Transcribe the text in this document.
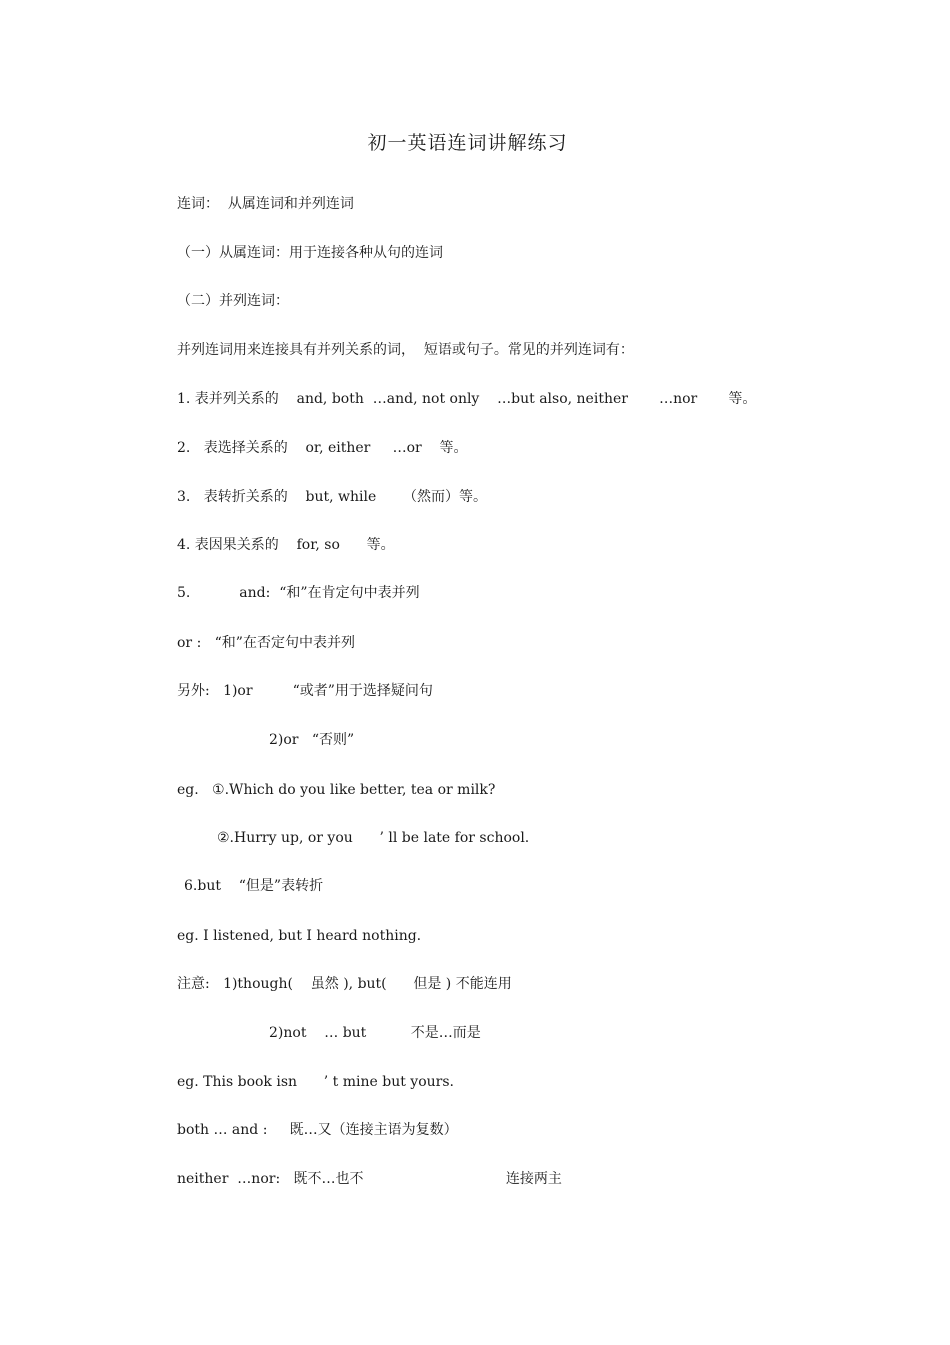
初一英语连词讲解练习
连词：  从属连词和并列连词
（一）从属连词：用于连接各种从句的连词
（二）并列连词：
并列连词用来连接具有并列关系的词，  短语或句子。常见的并列连词有：
1. 表并列关系的    and, both  …and, not only    …but also, neither       …nor       等。
2.   表选择关系的    or, either     …or    等。
3.   表转折关系的    but, while      （然而）等。
4. 表因果关系的    for, so      等。
5.           and:  “和”在肯定句中表并列
or :   “和”在否定句中表并列
另外:   1)or         “或者”用于选择疑问句
2)or   “否则”
eg.   ①.Which do you like better, tea or milk?
②.Hurry up, or you      ’ ll be late for school.
6.but    “但是”表转折
eg. I listened, but I heard nothing.
注意:   1)though(    虽然 ), but(      但是 ) 不能连用
2)not    … but          不是…而是
eg. This book isn      ’ t mine but yours.
both … and :     既…又（连接主语为复数）
neither  …nor:   既不…也不                                连接两主
